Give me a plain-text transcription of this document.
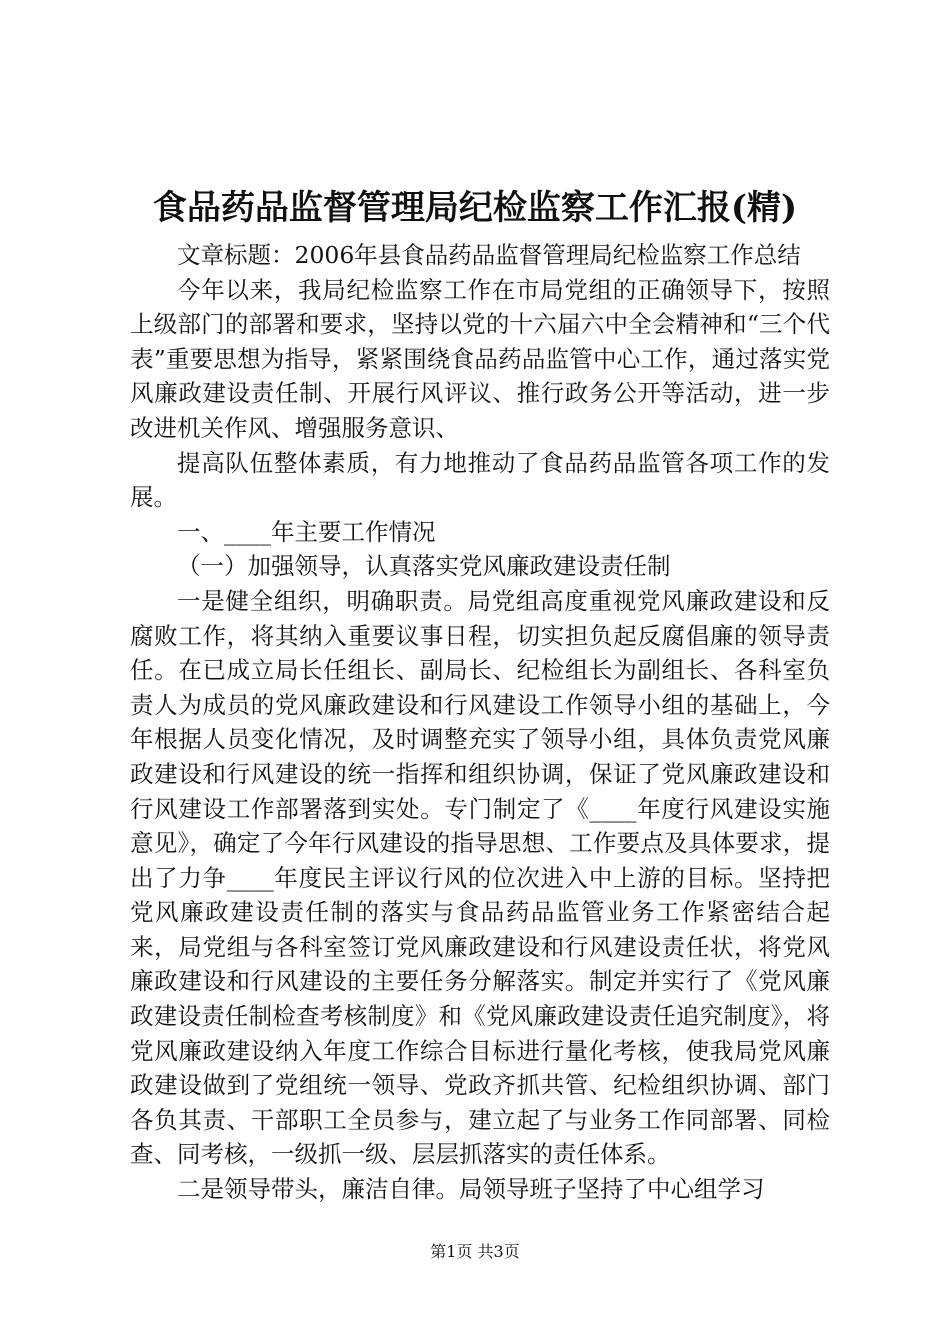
食品药品监督管理局纪检监察工作汇报(精)

文章标题：2006年县食品药品监督管理局纪检监察工作总结

今年以来，我局纪检监察工作在市局党组的正确领导下，按照上级部门的部署和要求，坚持以党的十六届六中全会精神和“三个代表”重要思想为指导，紧紧围绕食品药品监管中心工作，通过落实党风廉政建设责任制、开展行风评议、推行政务公开等活动，进一步改进机关作风、增强服务意识、

提高队伍整体素质，有力地推动了食品药品监管各项工作的发展。

一、____年主要工作情况

（一）加强领导，认真落实党风廉政建设责任制

一是健全组织，明确职责。局党组高度重视党风廉政建设和反腐败工作，将其纳入重要议事日程，切实担负起反腐倡廉的领导责任。在已成立局长任组长、副局长、纪检组长为副组长、各科室负责人为成员的党风廉政建设和行风建设工作领导小组的基础上，今年根据人员变化情况，及时调整充实了领导小组，具体负责党风廉政建设和行风建设的统一指挥和组织协调，保证了党风廉政建设和行风建设工作部署落到实处。专门制定了《____年度行风建设实施意见》，确定了今年行风建设的指导思想、工作要点及具体要求，提出了力争____年度民主评议行风的位次进入中上游的目标。坚持把党风廉政建设责任制的落实与食品药品监管业务工作紧密结合起来，局党组与各科室签订党风廉政建设和行风建设责任状，将党风廉政建设和行风建设的主要任务分解落实。制定并实行了《党风廉政建设责任制检查考核制度》和《党风廉政建设责任追究制度》，将党风廉政建设纳入年度工作综合目标进行量化考核，使我局党风廉政建设做到了党组统一领导、党政齐抓共管、纪检组织协调、部门各负其责、干部职工全员参与，建立起了与业务工作同部署、同检查、同考核，一级抓一级、层层抓落实的责任体系。

二是领导带头，廉洁自律。局领导班子坚持了中心组学习

第1页 共3页
